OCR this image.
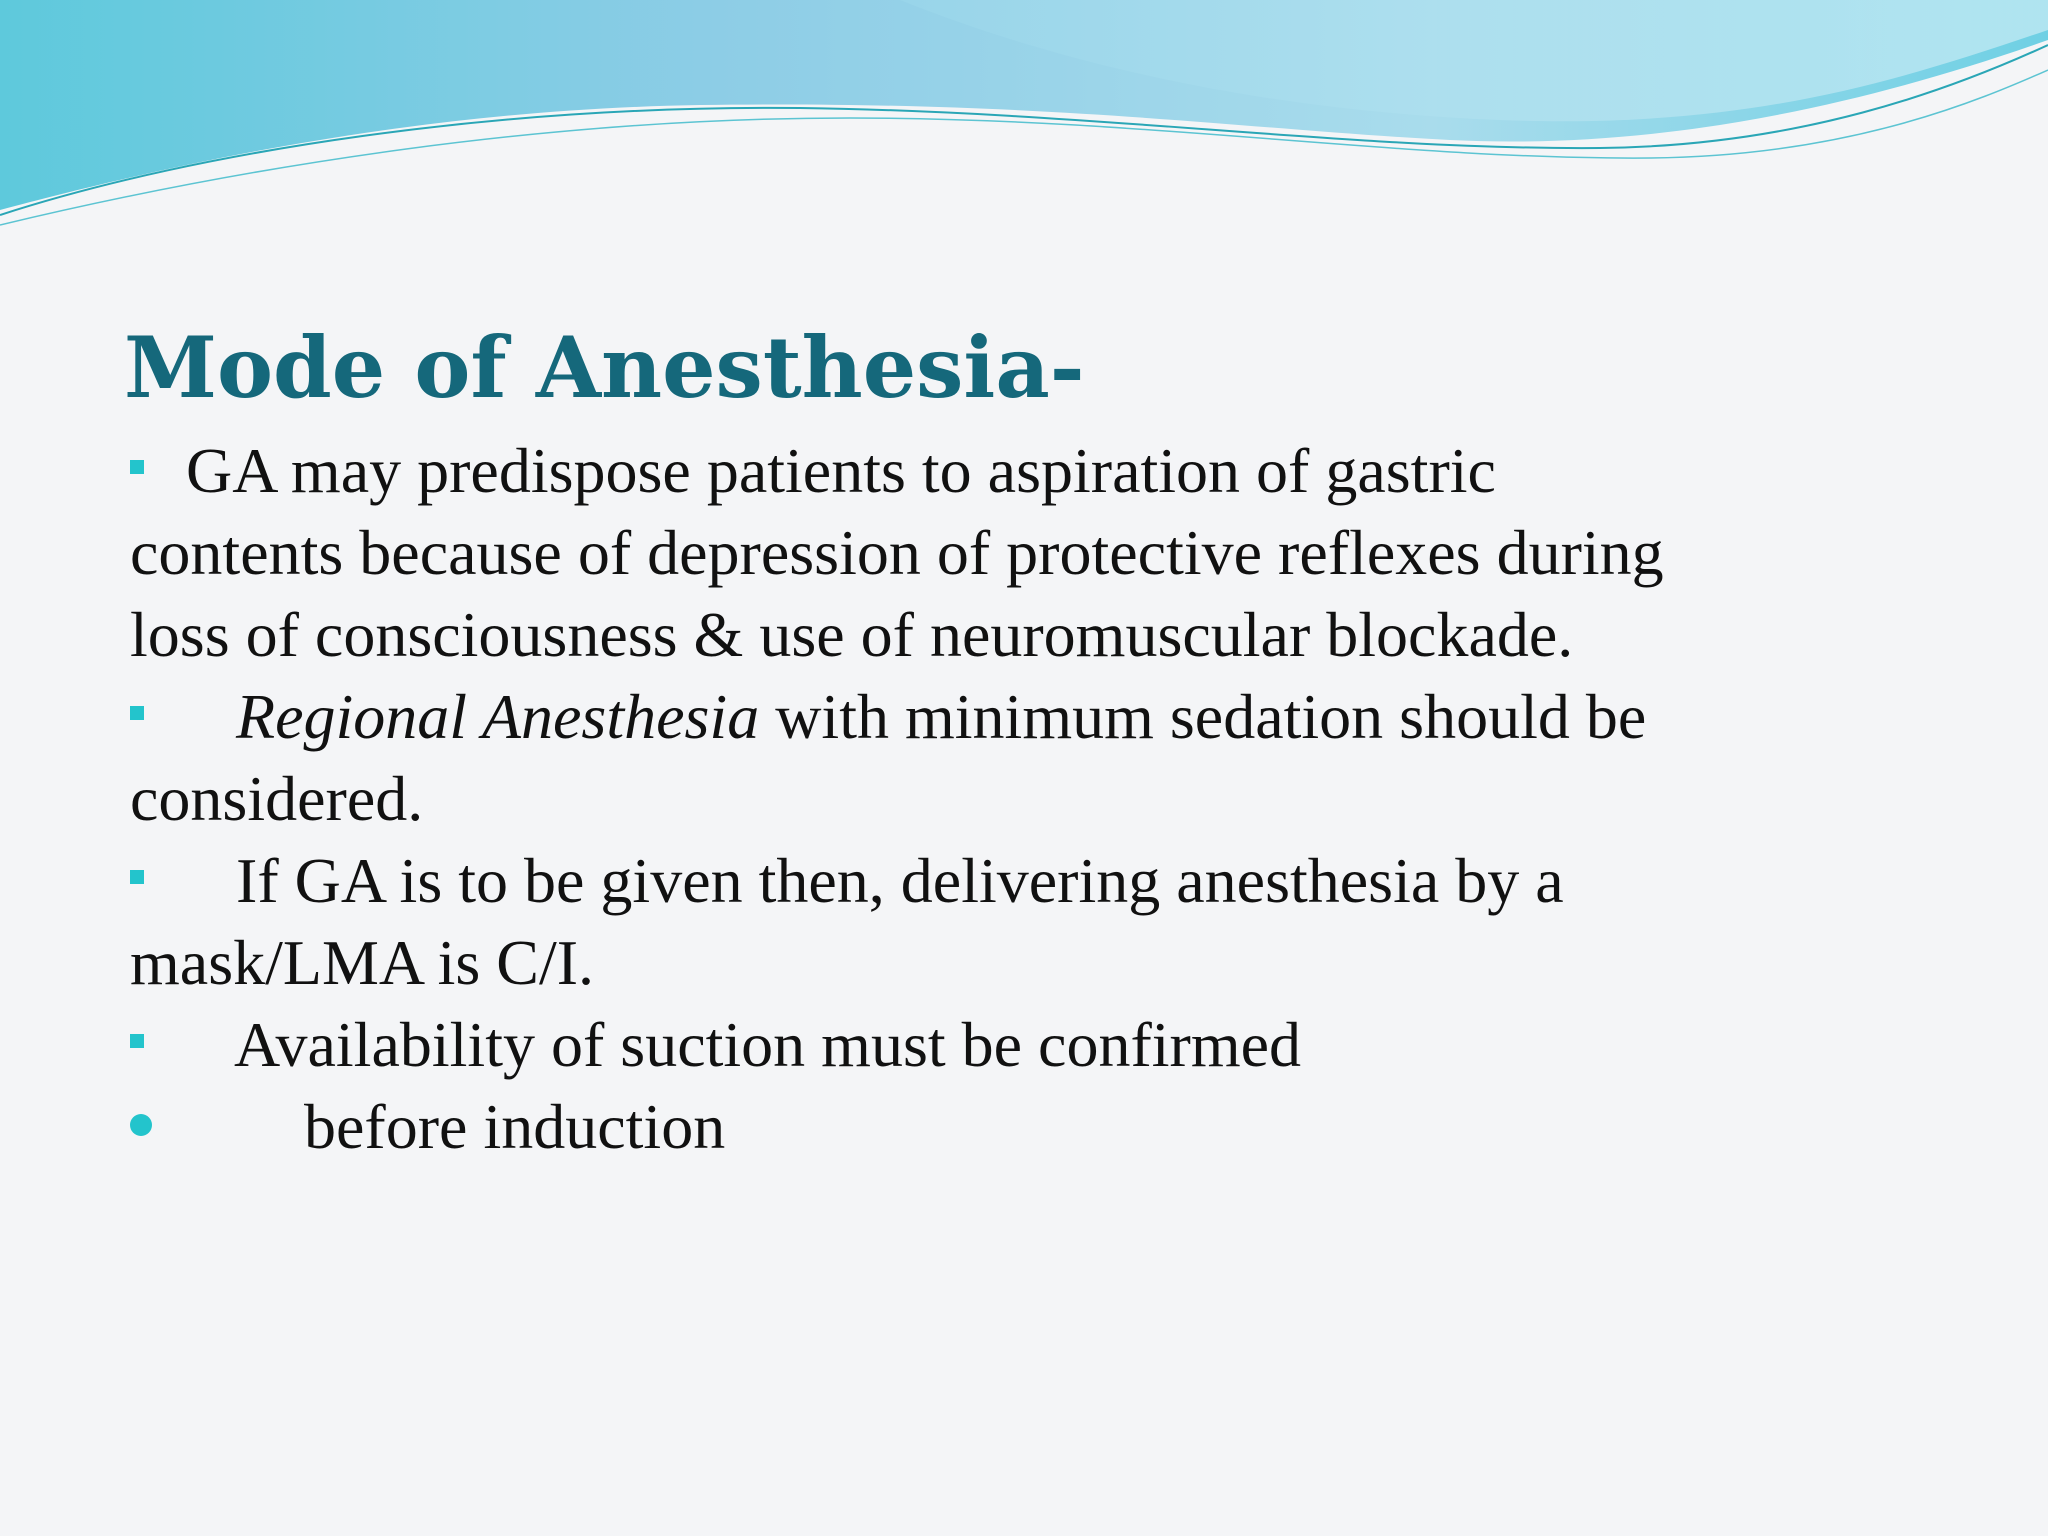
Mode of Anesthesia-
GA may predispose patients to aspiration of gastric
contents because of depression of protective reflexes during
loss of consciousness & use of neuromuscular blockade.
Regional Anesthesia with minimum sedation should be
considered.
If GA is to be given then, delivering anesthesia by a
mask/LMA is C/I.
Availability of suction must be confirmed
before induction
